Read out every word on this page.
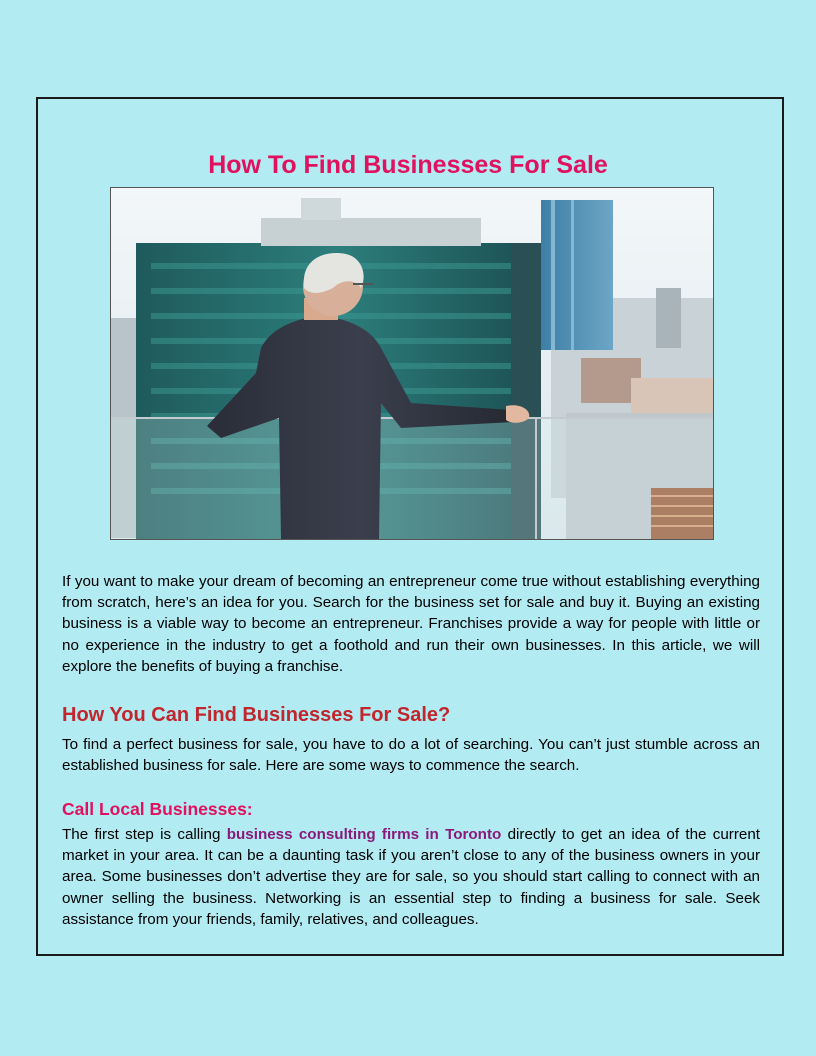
How To Find Businesses For Sale

If you want to make your dream of becoming an entrepreneur come true without establishing everything from scratch, here’s an idea for you. Search for the business set for sale and buy it. Buying an existing business is a viable way to become an entrepreneur. Franchises provide a way for people with little or no experience in the industry to get a foothold and run their own businesses. In this article, we will explore the benefits of buying a franchise.

How You Can Find Businesses For Sale?

To find a perfect business for sale, you have to do a lot of searching. You can’t just stumble across an established business for sale. Here are some ways to commence the search.

Call Local Businesses:

The first step is calling business consulting firms in Toronto directly to get an idea of the current market in your area. It can be a daunting task if you aren’t close to any of the business owners in your area. Some businesses don’t advertise they are for sale, so you should start calling to connect with an owner selling the business. Networking is an essential step to finding a business for sale. Seek assistance from your friends, family, relatives, and colleagues.
